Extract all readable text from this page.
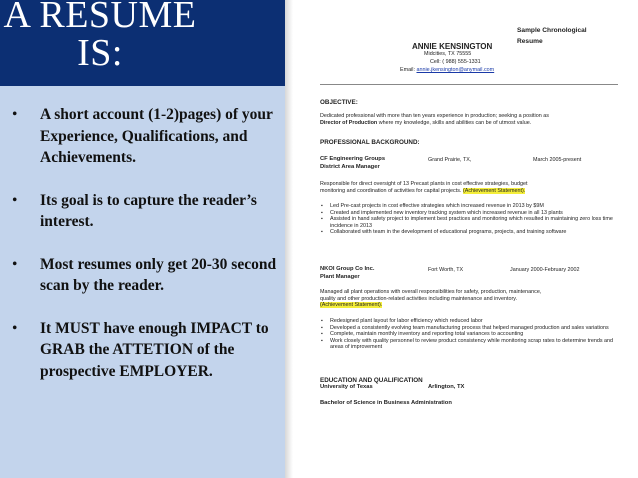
A RESUME
IS:
• A short account (1-2)pages) of your Experience, Qualifications, and Achievements.
• Its goal is to capture the reader’s interest.
• Most resumes only get 20-30 second scan by the reader.
• It MUST have enough IMPACT to GRAB the ATTETION of the prospective EMPLOYER.
Sample Chronological
Resume
ANNIE KENSINGTON
Midcities, TX 75555
Cell: ( 988) 555-1331
Email: annie.jkensington@anymail.com
OBJECTIVE:
Dedicated professional with more than ten years experience in production; seeking a position as
Director of Production where my knowledge, skills and abilities can be of utmost value.
PROFESSIONAL BACKGROUND:
CF Engineering Groups	Grand Prairie, TX,	March 2005-present
District Area Manager
Responsible for direct oversight of 13 Precast plants in cost effective strategies, budget
monitoring and coordination of activities for capital projects. (Achievement Statement).
▪ Led Pre-cast projects in cost effective strategies which increased revenue in 2013 by $9M
▪ Created and implemented new inventory tracking system which increased revenue in all 13 plants
▪ Assisted in hand safety project to implement best practices and monitoring which resulted in maintaining zero loss time incidence in 2013
▪ Collaborated with team in the development of educational programs, projects, and training software
NKOI Group Co Inc.	Fort Worth, TX	January 2000-February 2002
Plant Manager
Managed all plant operations with overall responsibilities for safety, production, maintenance,
quality and other production-related activities including maintenance and inventory.
(Achievement Statement).
▪ Redesigned plant layout for labor efficiency which reduced labor
▪ Developed a consistently evolving team manufacturing process that helped managed production and sales variations
▪ Complete, maintain monthly inventory and reporting total variances to accounting
▪ Work closely with quality personnel to review product consistency while monitoring scrap rates to determine trends and areas of improvement
EDUCATION AND QUALIFICATION
University of Texas	Arlington, TX
Bachelor of Science in Business Administration
